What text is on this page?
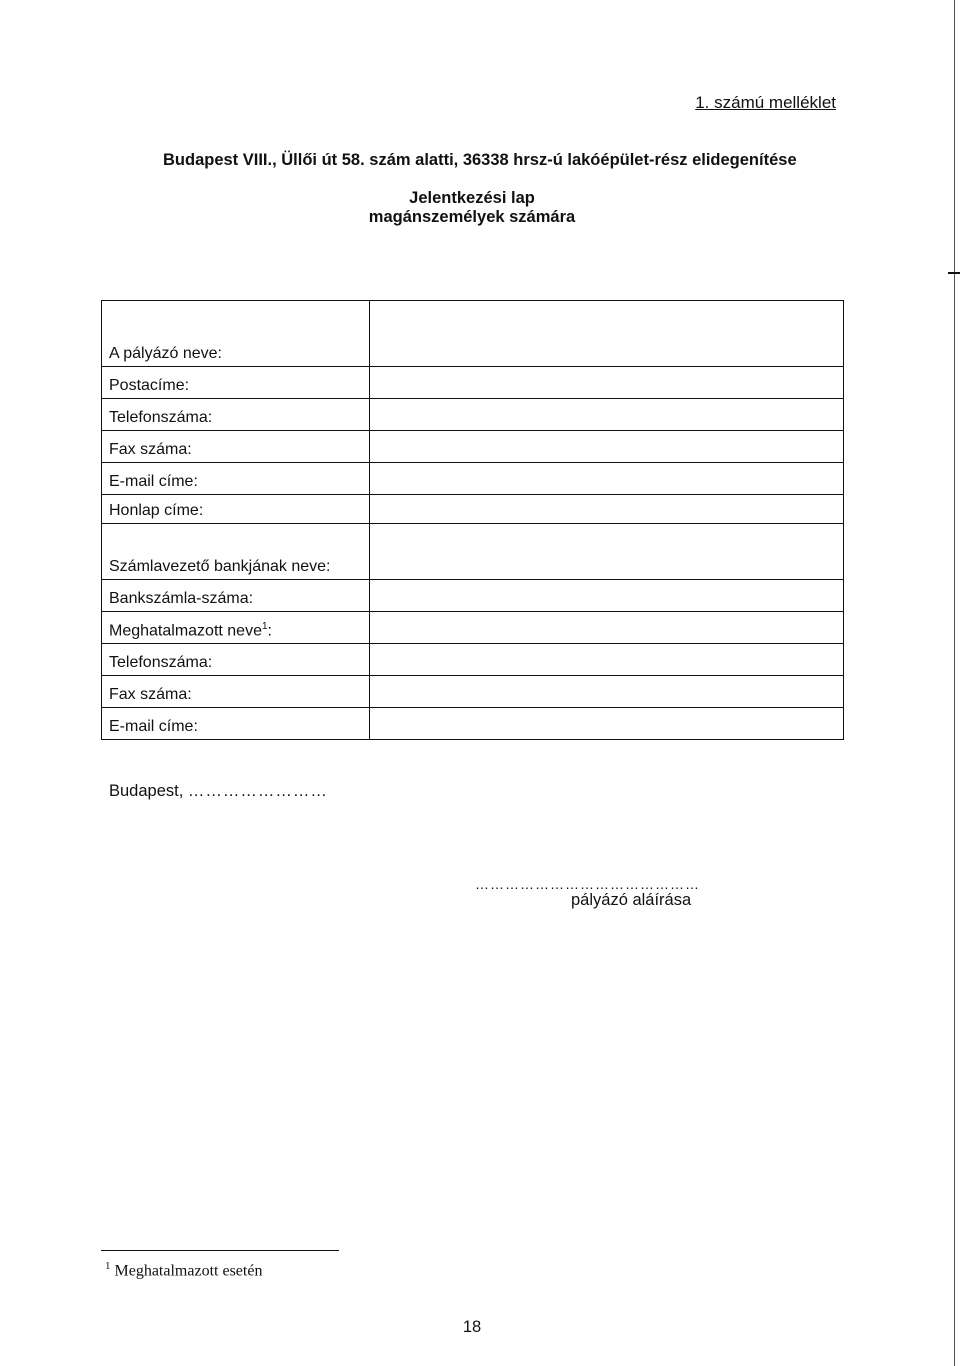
1. számú melléklet
Budapest VIII., Üllői út 58. szám alatti, 36338 hrsz-ú lakóépület-rész elidegenítése
Jelentkezési lap
magánszemélyek számára
A pályázó neve:	
Postacíme:	
Telefonszáma:	
Fax száma:	
E-mail címe:	
Honlap címe:	
Számlavezető bankjának neve:	
Bankszámla-száma:	
Meghatalmazott neve$^1$:	
Telefonszáma:	
Fax száma:	
E-mail címe:	
Budapest, ……………………
………………………………………
pályázó aláírása
$^1$ Meghatalmazott esetén
18
